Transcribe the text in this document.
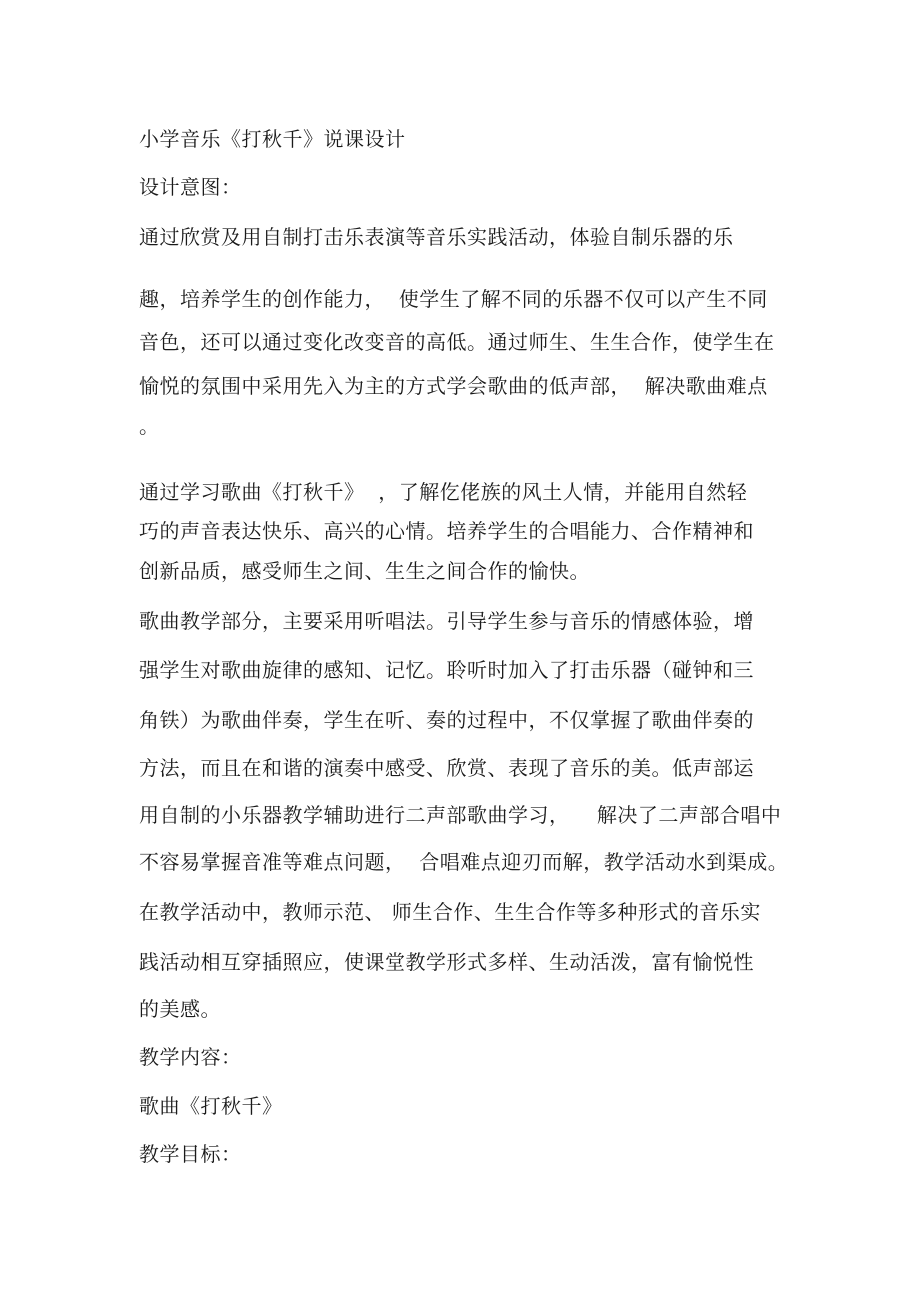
小学音乐《打秋千》说课设计
设计意图：
通过欣赏及用自制打击乐表演等音乐实践活动，体验自制乐器的乐
趣，培养学生的创作能力，  使学生了解不同的乐器不仅可以产生不同
音色，还可以通过变化改变音的高低。通过师生、生生合作，使学生在
愉悦的氛围中采用先入为主的方式学会歌曲的低声部，  解决歌曲难点
。
通过学习歌曲《打秋千》  ，了解仡佬族的风土人情，并能用自然轻
巧的声音表达快乐、高兴的心情。培养学生的合唱能力、合作精神和
创新品质，感受师生之间、生生之间合作的愉快。
歌曲教学部分，主要采用听唱法。引导学生参与音乐的情感体验，增
强学生对歌曲旋律的感知、记忆。聆听时加入了打击乐器（碰钟和三
角铁）为歌曲伴奏，学生在听、奏的过程中，不仅掌握了歌曲伴奏的
方法，而且在和谐的演奏中感受、欣赏、表现了音乐的美。低声部运
用自制的小乐器教学辅助进行二声部歌曲学习，    解决了二声部合唱中
不容易掌握音准等难点问题，  合唱难点迎刃而解，教学活动水到渠成。
在教学活动中，教师示范、 师生合作、生生合作等多种形式的音乐实
践活动相互穿插照应，使课堂教学形式多样、生动活泼，富有愉悦性
的美感。
教学内容：
歌曲《打秋千》
教学目标：
